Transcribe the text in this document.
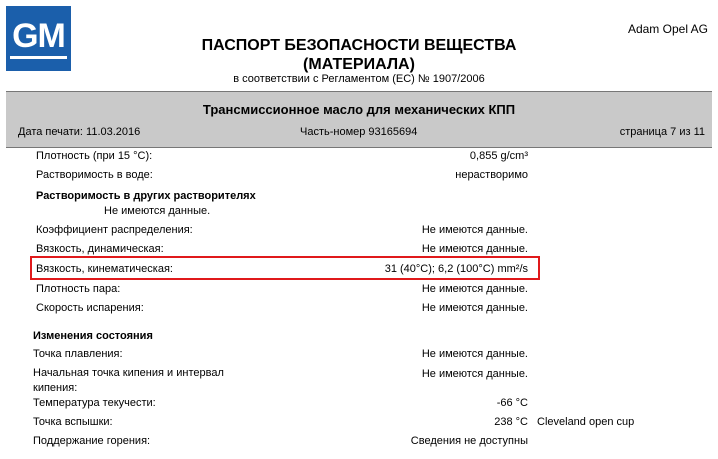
GM	Adam Opel AG
ПАСПОРТ БЕЗОПАСНОСТИ ВЕЩЕСТВА
(МАТЕРИАЛА)
в соответствии с Регламентом (ЕС) № 1907/2006
Трансмиссионное масло для механических КПП
Дата печати: 11.03.2016	Часть-номер 93165694	страница 7 из 11
Плотность (при 15 °C):	0,855 g/cm³
Растворимость в воде:	нерастворимо
Растворимость в других растворителях
Не имеются данные.
Коэффициент распределения:	Не имеются данные.
Вязкость, динамическая:	Не имеются данные.
Вязкость, кинематическая:	31 (40°C); 6,2 (100°C) mm²/s
Плотность пара:	Не имеются данные.
Скорость испарения:	Не имеются данные.
Изменения состояния
Точка плавления:	Не имеются данные.
Начальная точка кипения и интервал кипения:
Не имеются данные.
Температура текучести:	-66 °C
Точка вспышки:	238 °C Cleveland open cup
Поддержание горения:	Сведения не доступны
